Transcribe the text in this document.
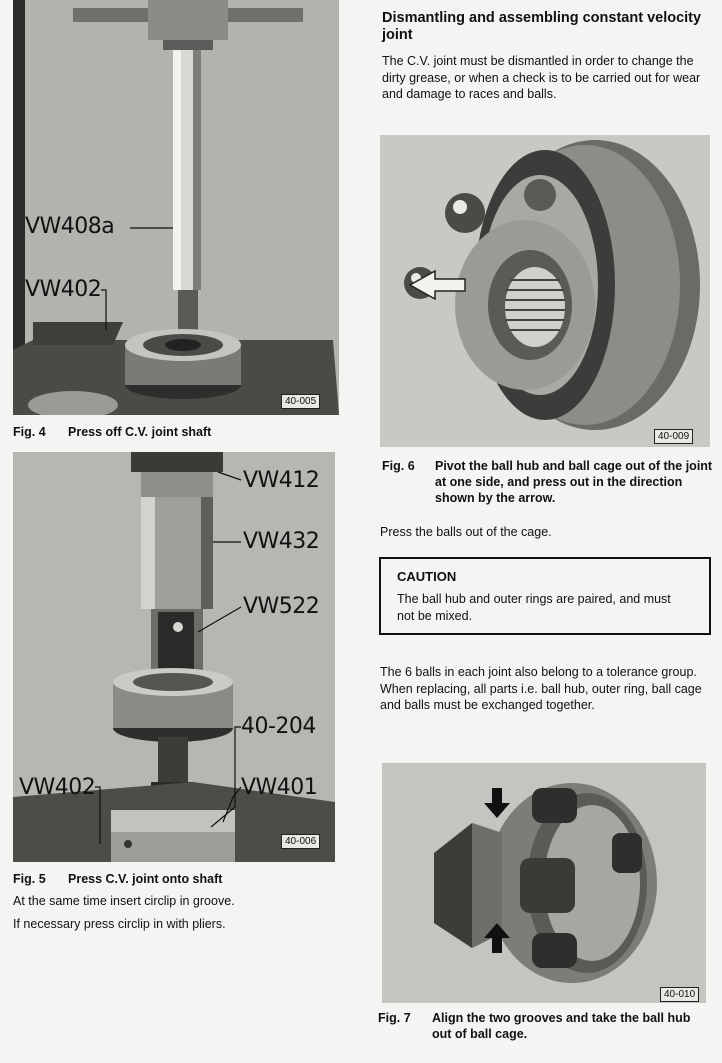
VW408a
VW402
40-005
Fig. 4 Press off C.V. joint shaft
VW412
VW432
VW522
40-204
VW402	VW401
40-006
Fig. 5 Press C.V. joint onto shaft
At the same time insert circlip in groove.
If necessary press circlip in with pliers.
Dismantling and assembling constant velocity
joint
The C.V. joint must be dismantled in order to change the dirty grease, or when a check is to be carried out for wear and damage to races and balls.
40-009
Fig. 6 Pivot the ball hub and ball cage out of the joint at one side, and press out in the direction shown by the arrow.
Press the balls out of the cage.
CAUTION
The ball hub and outer rings are paired, and must not be mixed.
The 6 balls in each joint also belong to a tolerance group. When replacing, all parts i.e. ball hub, outer ring, ball cage and balls must be exchanged together.
40-010
Fig. 7 Align the two grooves and take the ball hub out of ball cage.
